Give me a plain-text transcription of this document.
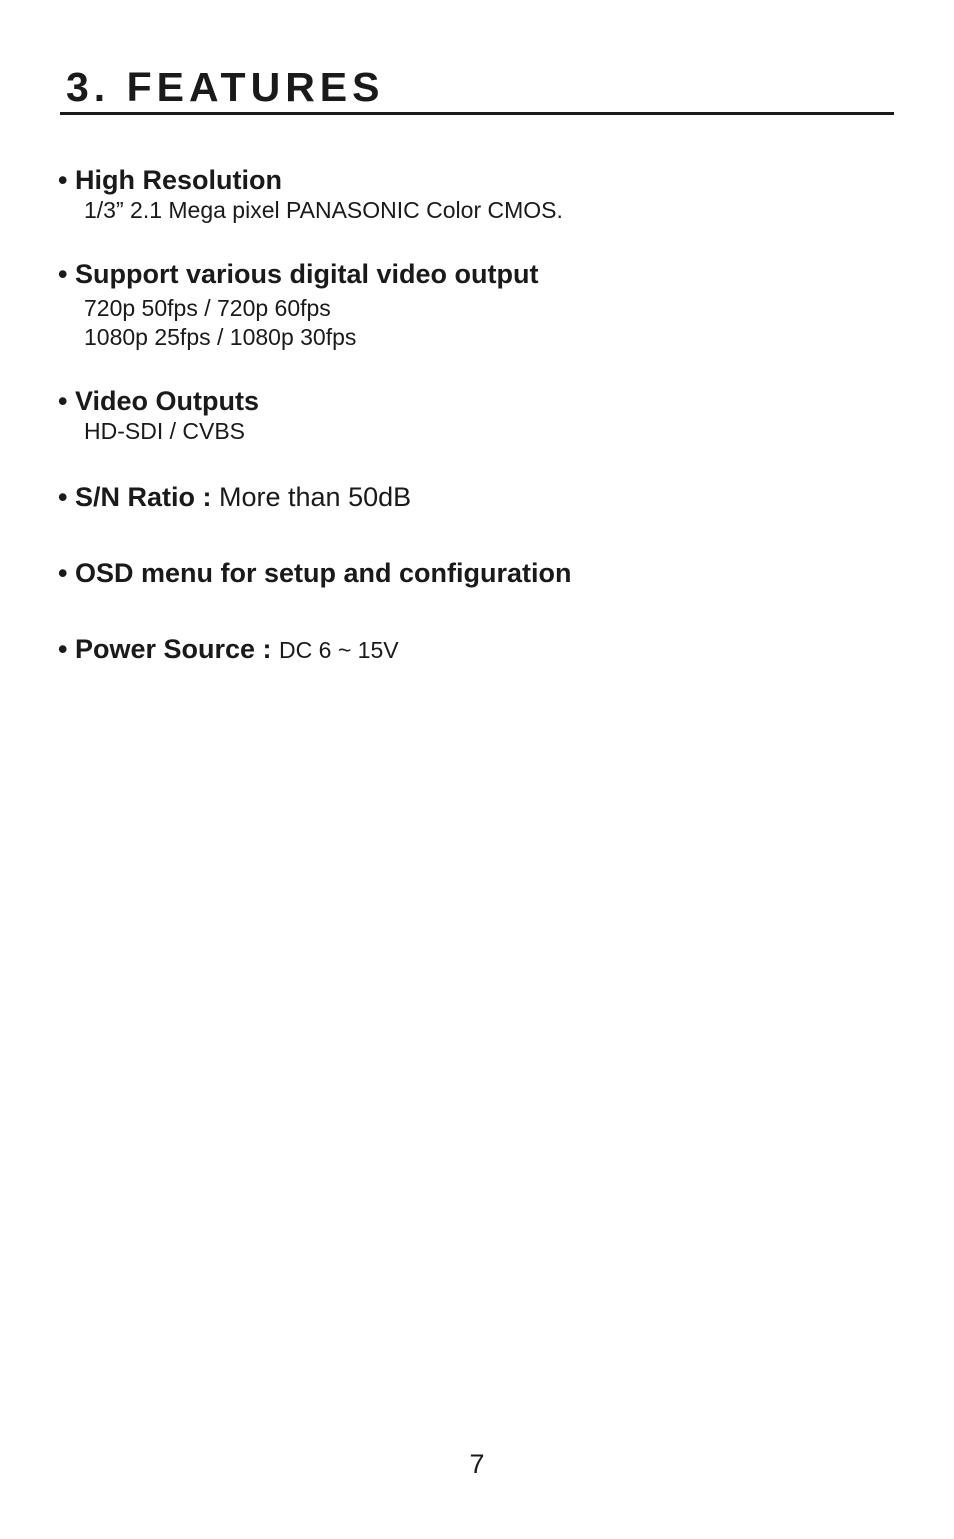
3. FEATURES
• High Resolution
1/3” 2.1 Mega pixel PANASONIC Color CMOS.
• Support various digital video output
720p 50fps / 720p 60fps
1080p 25fps / 1080p 30fps
• Video Outputs
HD-SDI / CVBS
• S/N Ratio : More than 50dB
• OSD menu for setup and configuration
• Power Source : DC 6 ~ 15V
7
